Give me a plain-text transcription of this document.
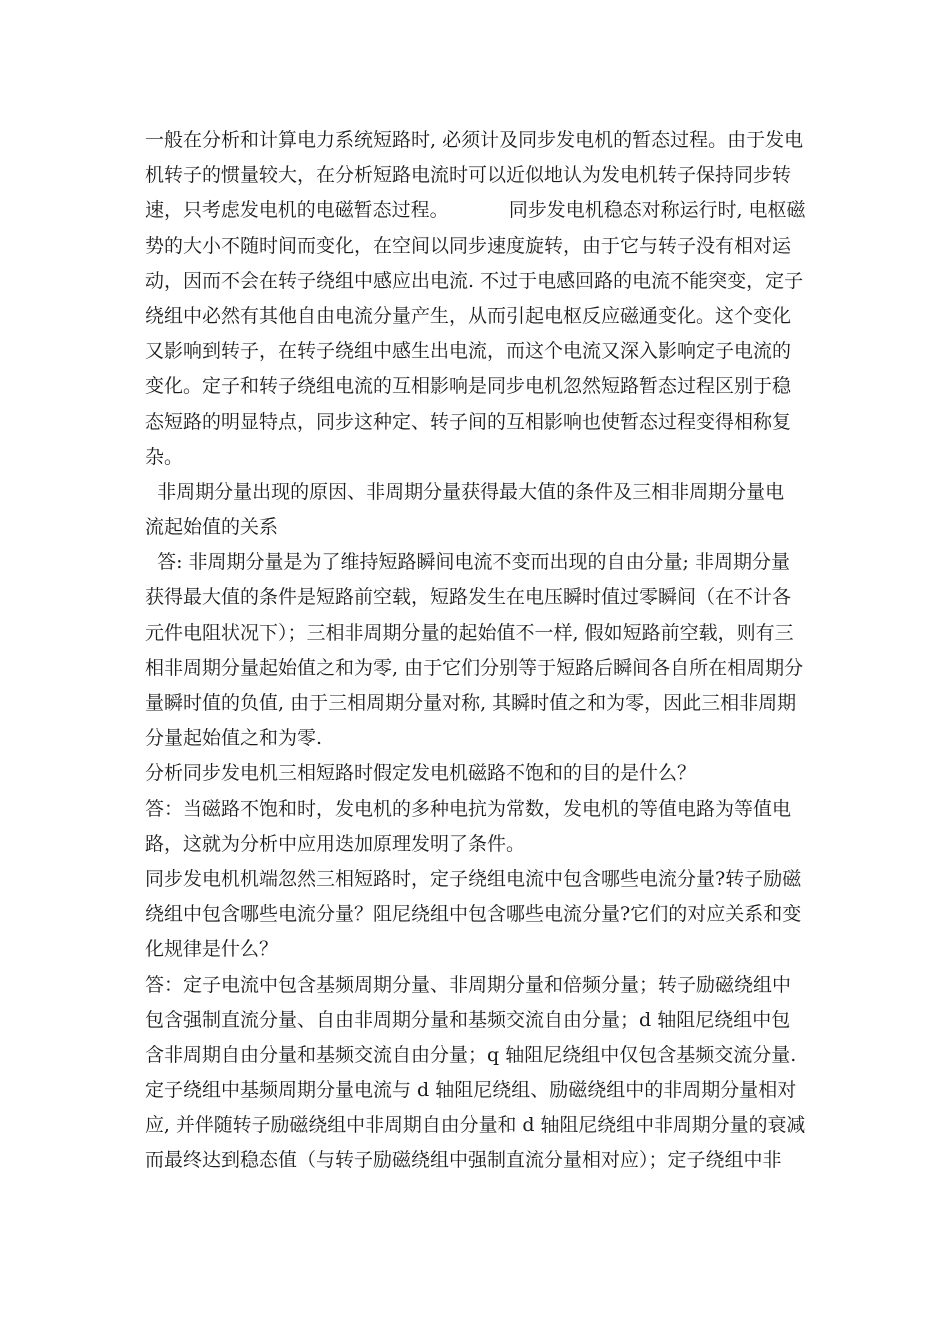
一般在分析和计算电力系统短路时, 必须计及同步发电机的暂态过程。由于发电
机转子的惯量较大，在分析短路电流时可以近似地认为发电机转子保持同步转
速，只考虑发电机的电磁暂态过程。          同步发电机稳态对称运行时, 电枢磁
势的大小不随时间而变化，在空间以同步速度旋转，由于它与转子没有相对运
动，因而不会在转子绕组中感应出电流. 不过于电感回路的电流不能突变，定子
绕组中必然有其他自由电流分量产生，从而引起电枢反应磁通变化。这个变化
又影响到转子，在转子绕组中感生出电流，而这个电流又深入影响定子电流的
变化。定子和转子绕组电流的互相影响是同步电机忽然短路暂态过程区别于稳
态短路的明显特点，同步这种定、转子间的互相影响也使暂态过程变得相称复
杂。
非周期分量出现的原因、非周期分量获得最大值的条件及三相非周期分量电
流起始值的关系
答: 非周期分量是为了维持短路瞬间电流不变而出现的自由分量; 非周期分量
获得最大值的条件是短路前空载，短路发生在电压瞬时值过零瞬间（在不计各
元件电阻状况下）；三相非周期分量的起始值不一样, 假如短路前空载，则有三
相非周期分量起始值之和为零, 由于它们分别等于短路后瞬间各自所在相周期分
量瞬时值的负值, 由于三相周期分量对称, 其瞬时值之和为零，因此三相非周期
分量起始值之和为零.
分析同步发电机三相短路时假定发电机磁路不饱和的目的是什么？
答：当磁路不饱和时，发电机的多种电抗为常数，发电机的等值电路为等值电
路，这就为分析中应用迭加原理发明了条件。
同步发电机机端忽然三相短路时，定子绕组电流中包含哪些电流分量?转子励磁
绕组中包含哪些电流分量？阻尼绕组中包含哪些电流分量?它们的对应关系和变
化规律是什么？
答：定子电流中包含基频周期分量、非周期分量和倍频分量；转子励磁绕组中
包含强制直流分量、自由非周期分量和基频交流自由分量；d 轴阻尼绕组中包
含非周期自由分量和基频交流自由分量；q 轴阻尼绕组中仅包含基频交流分量.
定子绕组中基频周期分量电流与 d 轴阻尼绕组、励磁绕组中的非周期分量相对
应, 并伴随转子励磁绕组中非周期自由分量和 d 轴阻尼绕组中非周期分量的衰减
而最终达到稳态值（与转子励磁绕组中强制直流分量相对应）；定子绕组中非
